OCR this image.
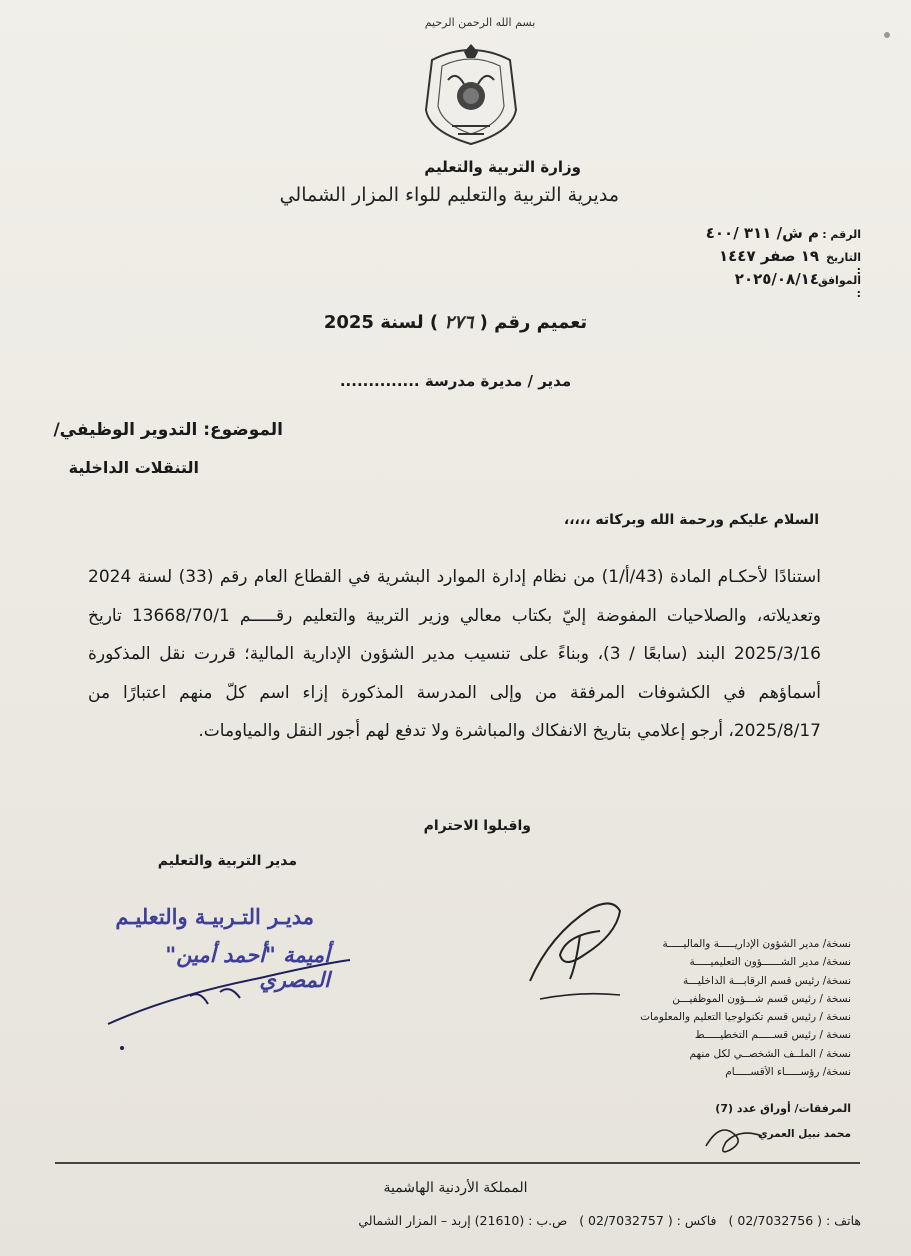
بسم الله الرحمن الرحيم
وزارة التربية والتعليم
مديرية التربية والتعليم للواء المزار الشمالي
الرقم :
م ش/ ٣١١ /٤٠٠
التاريخ :
١٩ صفر ١٤٤٧
الموافق :
٢٠٢٥/٠٨/١٤
تعميم رقم ( ٢٧٦ ) لسنة 2025
مدير / مديرة مدرسة ..............
الموضوع: التدوير الوظيفي/
التنقلات الداخلية
السلام عليكم ورحمة الله وبركاته ،،،،،
استنادًا لأحكـام المادة (43/أ/1) من نظام إدارة الموارد البشرية في القطاع العام رقم (33) لسنة 2024 وتعديلاته، والصلاحيات المفوضة إليّ بكتاب معالي وزير التربية والتعليم رقـــــم 13668/70/1 تاريخ 2025/3/16 البند (سابعًا / 3)، وبناءً على تنسيب مدير الشؤون الإدارية المالية؛ قررت نقل المذكورة أسماؤهم في الكشوفات المرفقة من وإلى المدرسة المذكورة إزاء اسم كلّ منهم اعتبارًا من 2025/8/17، أرجو إعلامي بتاريخ الانفكاك والمباشرة ولا تدفع لهم أجور النقل والمياومات.
واقبلوا الاحترام
مدير التربية والتعليم
مديـر التـربيـة والتعليـم
أميمة "أحمد أمين" المصري
نسخة/ مدير الشؤون الإداريـــــة والماليـــــة
نسخة/ مدير الشــــــؤون التعليميـــــة
نسخة/ رئيس قسم الرقابـــة الداخليـــة
نسخة / رئيس قسم شـــؤون الموظفيـــن
نسخة / رئيس قسم تكنولوجيا التعليم والمعلومات
نسخة / رئيس قســـــم التخطيـــــط
نسخة / الملــف الشخصــي لكل منهم
نسخة/ رؤســـــاء الأقســـــام
المرفقات/ أوراق عدد (7)
محمد نبيل العمري
المملكة الأردنية الهاشمية
هاتف : ( 02/7032756 ) فاكس : ( 02/7032757 ) ص.ب : (21610) إربد – المزار الشمالي
